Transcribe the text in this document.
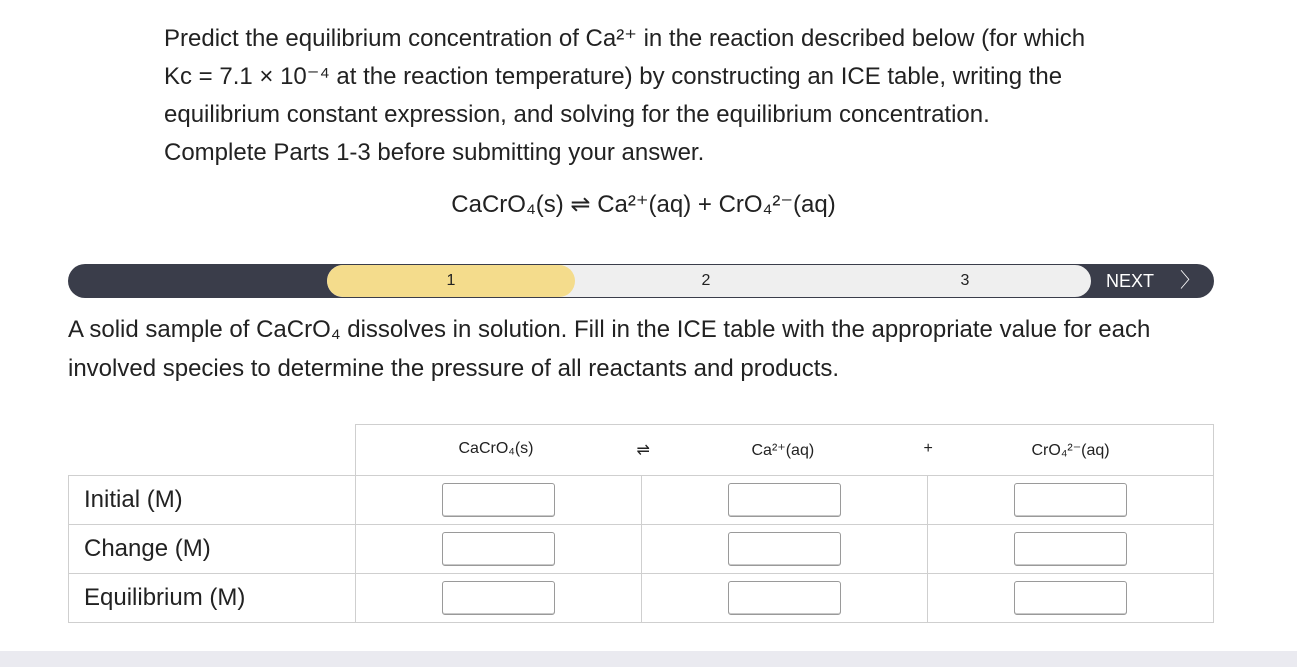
Predict the equilibrium concentration of Ca²⁺ in the reaction described below (for which

Kc = 7.1 × 10⁻⁴ at the reaction temperature) by constructing an ICE table, writing the

equilibrium constant expression, and solving for the equilibrium concentration.

Complete Parts 1-3 before submitting your answer.

CaCrO₄(s) ⇌ Ca²⁺(aq) + CrO₄²⁻(aq)
1	2	3	NEXT 〉

A solid sample of CaCrO₄ dissolves in solution. Fill in the ICE table with the appropriate value for each

involved species to determine the pressure of all reactants and products.

	CaCrO₄(s) ⇌ Ca²⁺(aq) + CrO₄²⁻(aq)		

Initial (M)			
Change (M)			
Equilibrium (M)			
